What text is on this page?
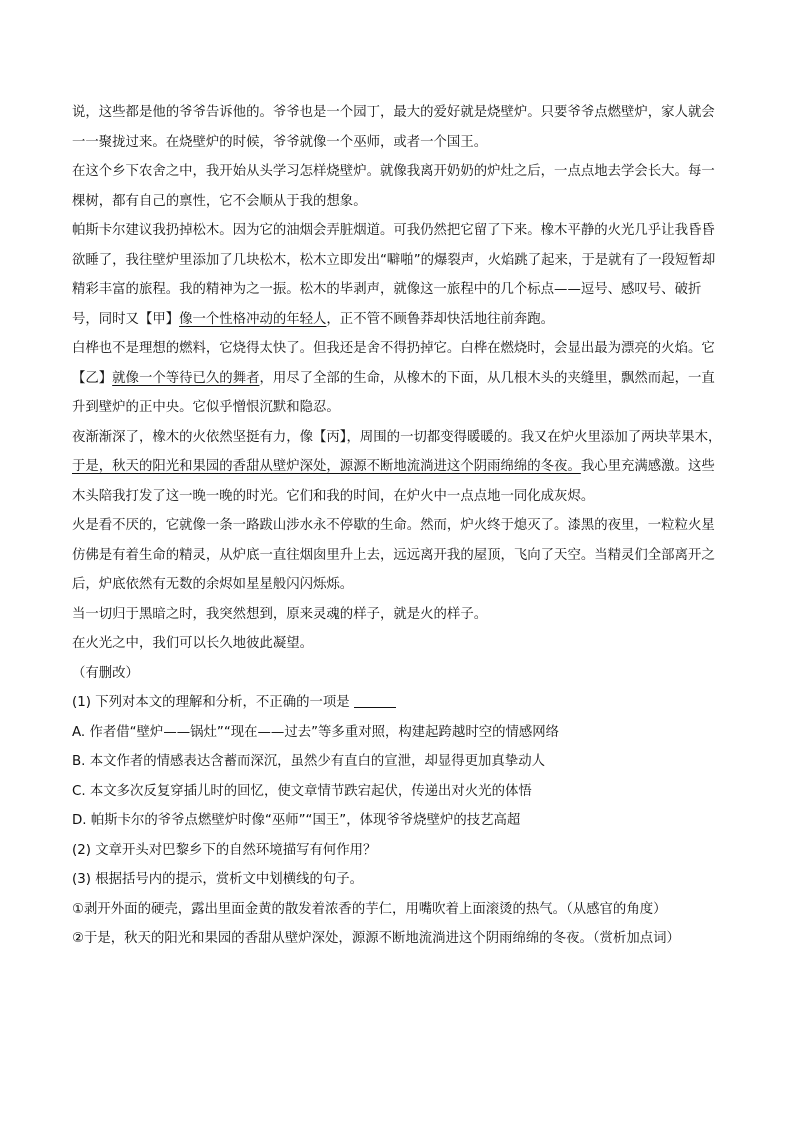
说，这些都是他的爷爷告诉他的。爷爷也是一个园丁，最大的爱好就是烧壁炉。只要爷爷点燃壁炉，家人就会一一聚拢过来。在烧壁炉的时候，爷爷就像一个巫师，或者一个国王。

在这个乡下农舍之中，我开始从头学习怎样烧壁炉。就像我离开奶奶的炉灶之后，一点点地去学会长大。每一棵树，都有自己的禀性，它不会顺从于我的想象。

帕斯卡尔建议我扔掉松木。因为它的油烟会弄脏烟道。可我仍然把它留了下来。橡木平静的火光几乎让我昏昏欲睡了，我往壁炉里添加了几块松木，松木立即发出“噼啪”的爆裂声，火焰跳了起来，于是就有了一段短暂却精彩丰富的旅程。我的精神为之一振。松木的毕剥声，就像这一旅程中的几个标点——逗号、感叹号、破折号，同时又【甲】像一个性格冲动的年轻人，正不管不顾鲁莽却快活地往前奔跑。

白桦也不是理想的燃料，它烧得太快了。但我还是舍不得扔掉它。白桦在燃烧时，会显出最为漂亮的火焰。它【乙】就像一个等待已久的舞者，用尽了全部的生命，从橡木的下面，从几根木头的夹缝里，飘然而起，一直升到壁炉的正中央。它似乎憎恨沉默和隐忍。

夜渐渐深了，橡木的火依然坚挺有力，像【丙】，周围的一切都变得暖暖的。我又在炉火里添加了两块苹果木，于是，秋天的阳光和果园的香甜从壁炉深处，源源不断地流淌进这个阴雨绵绵的冬夜。我心里充满感激。这些木头陪我打发了这一晚一晚的时光。它们和我的时间，在炉火中一点点地一同化成灰烬。

火是看不厌的，它就像一条一路跋山涉水永不停歇的生命。然而，炉火终于熄灭了。漆黑的夜里，一粒粒火星仿佛是有着生命的精灵，从炉底一直往烟囱里升上去，远远离开我的屋顶，飞向了天空。当精灵们全部离开之后，炉底依然有无数的余烬如星星般闪闪烁烁。

当一切归于黑暗之时，我突然想到，原来灵魂的样子，就是火的样子。

在火光之中，我们可以长久地彼此凝望。

（有删改）

(1) 下列对本文的理解和分析，不正确的一项是

A. 作者借“壁炉——锅灶”“现在——过去”等多重对照，构建起跨越时空的情感网络

B. 本文作者的情感表达含蓄而深沉，虽然少有直白的宣泄，却显得更加真挚动人

C. 本文多次反复穿插儿时的回忆，使文章情节跌宕起伏，传递出对火光的体悟

D. 帕斯卡尔的爷爷点燃壁炉时像“巫师”“国王”，体现爷爷烧壁炉的技艺高超

(2) 文章开头对巴黎乡下的自然环境描写有何作用？

(3) 根据括号内的提示，赏析文中划横线的句子。

①剥开外面的硬壳，露出里面金黄的散发着浓香的芋仁，用嘴吹着上面滚烫的热气。（从感官的角度）

②于是，秋天的阳光和果园的香甜从壁炉深处，源源不断地流淌进这个阴雨绵绵的冬夜。（赏析加点词）
